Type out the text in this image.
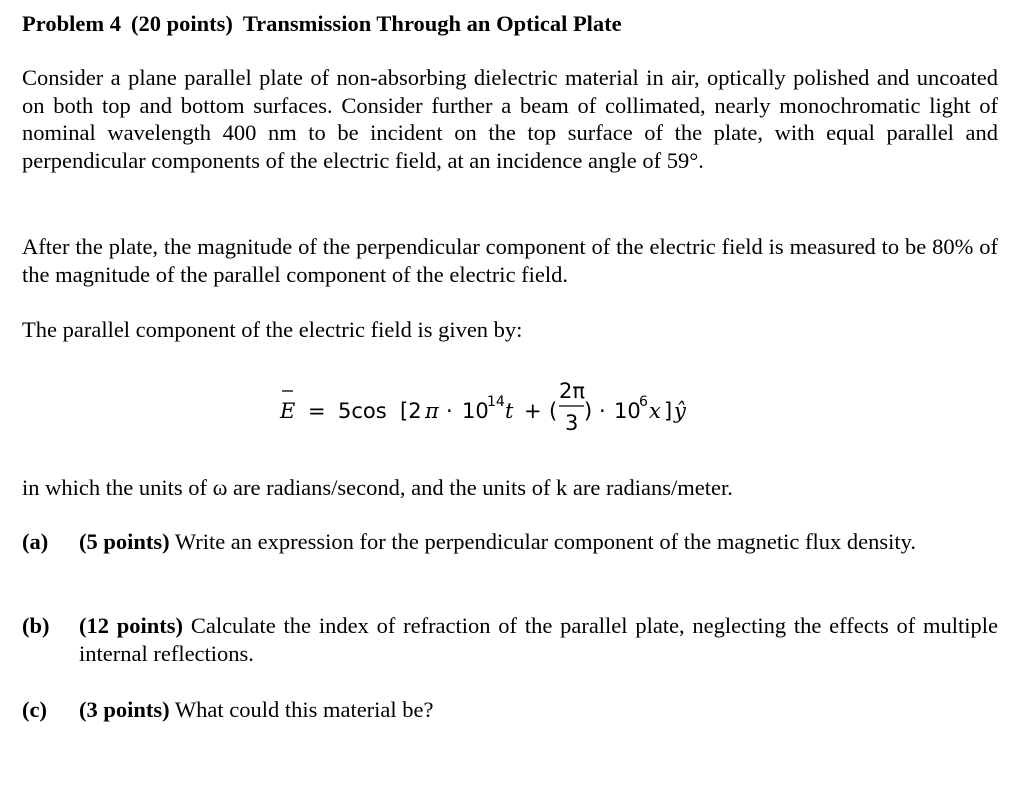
Problem 4 (20 points) Transmission Through an Optical Plate

Consider a plane parallel plate of non-absorbing dielectric material in air, optically polished and uncoated on both top and bottom surfaces. Consider further a beam of collimated, nearly monochromatic light of nominal wavelength 400 nm to be incident on the top surface of the plate, with equal parallel and perpendicular components of the electric field, at an incidence angle of 59°.

After the plate, the magnitude of the perpendicular component of the electric field is measured to be 80% of the magnitude of the parallel component of the electric field.

The parallel component of the electric field is given by:

E = 5cos [2 π · 10
14 t + (
2π
3 ) · 10
6 x ] ŷ

in which the units of ω are radians/second, and the units of k are radians/meter.

(a) (5 points) Write an expression for the perpendicular component of the magnetic flux density.
(b) (12 points) Calculate the index of refraction of the parallel plate, neglecting the effects of multiple internal reflections.
(c) (3 points) What could this material be?
